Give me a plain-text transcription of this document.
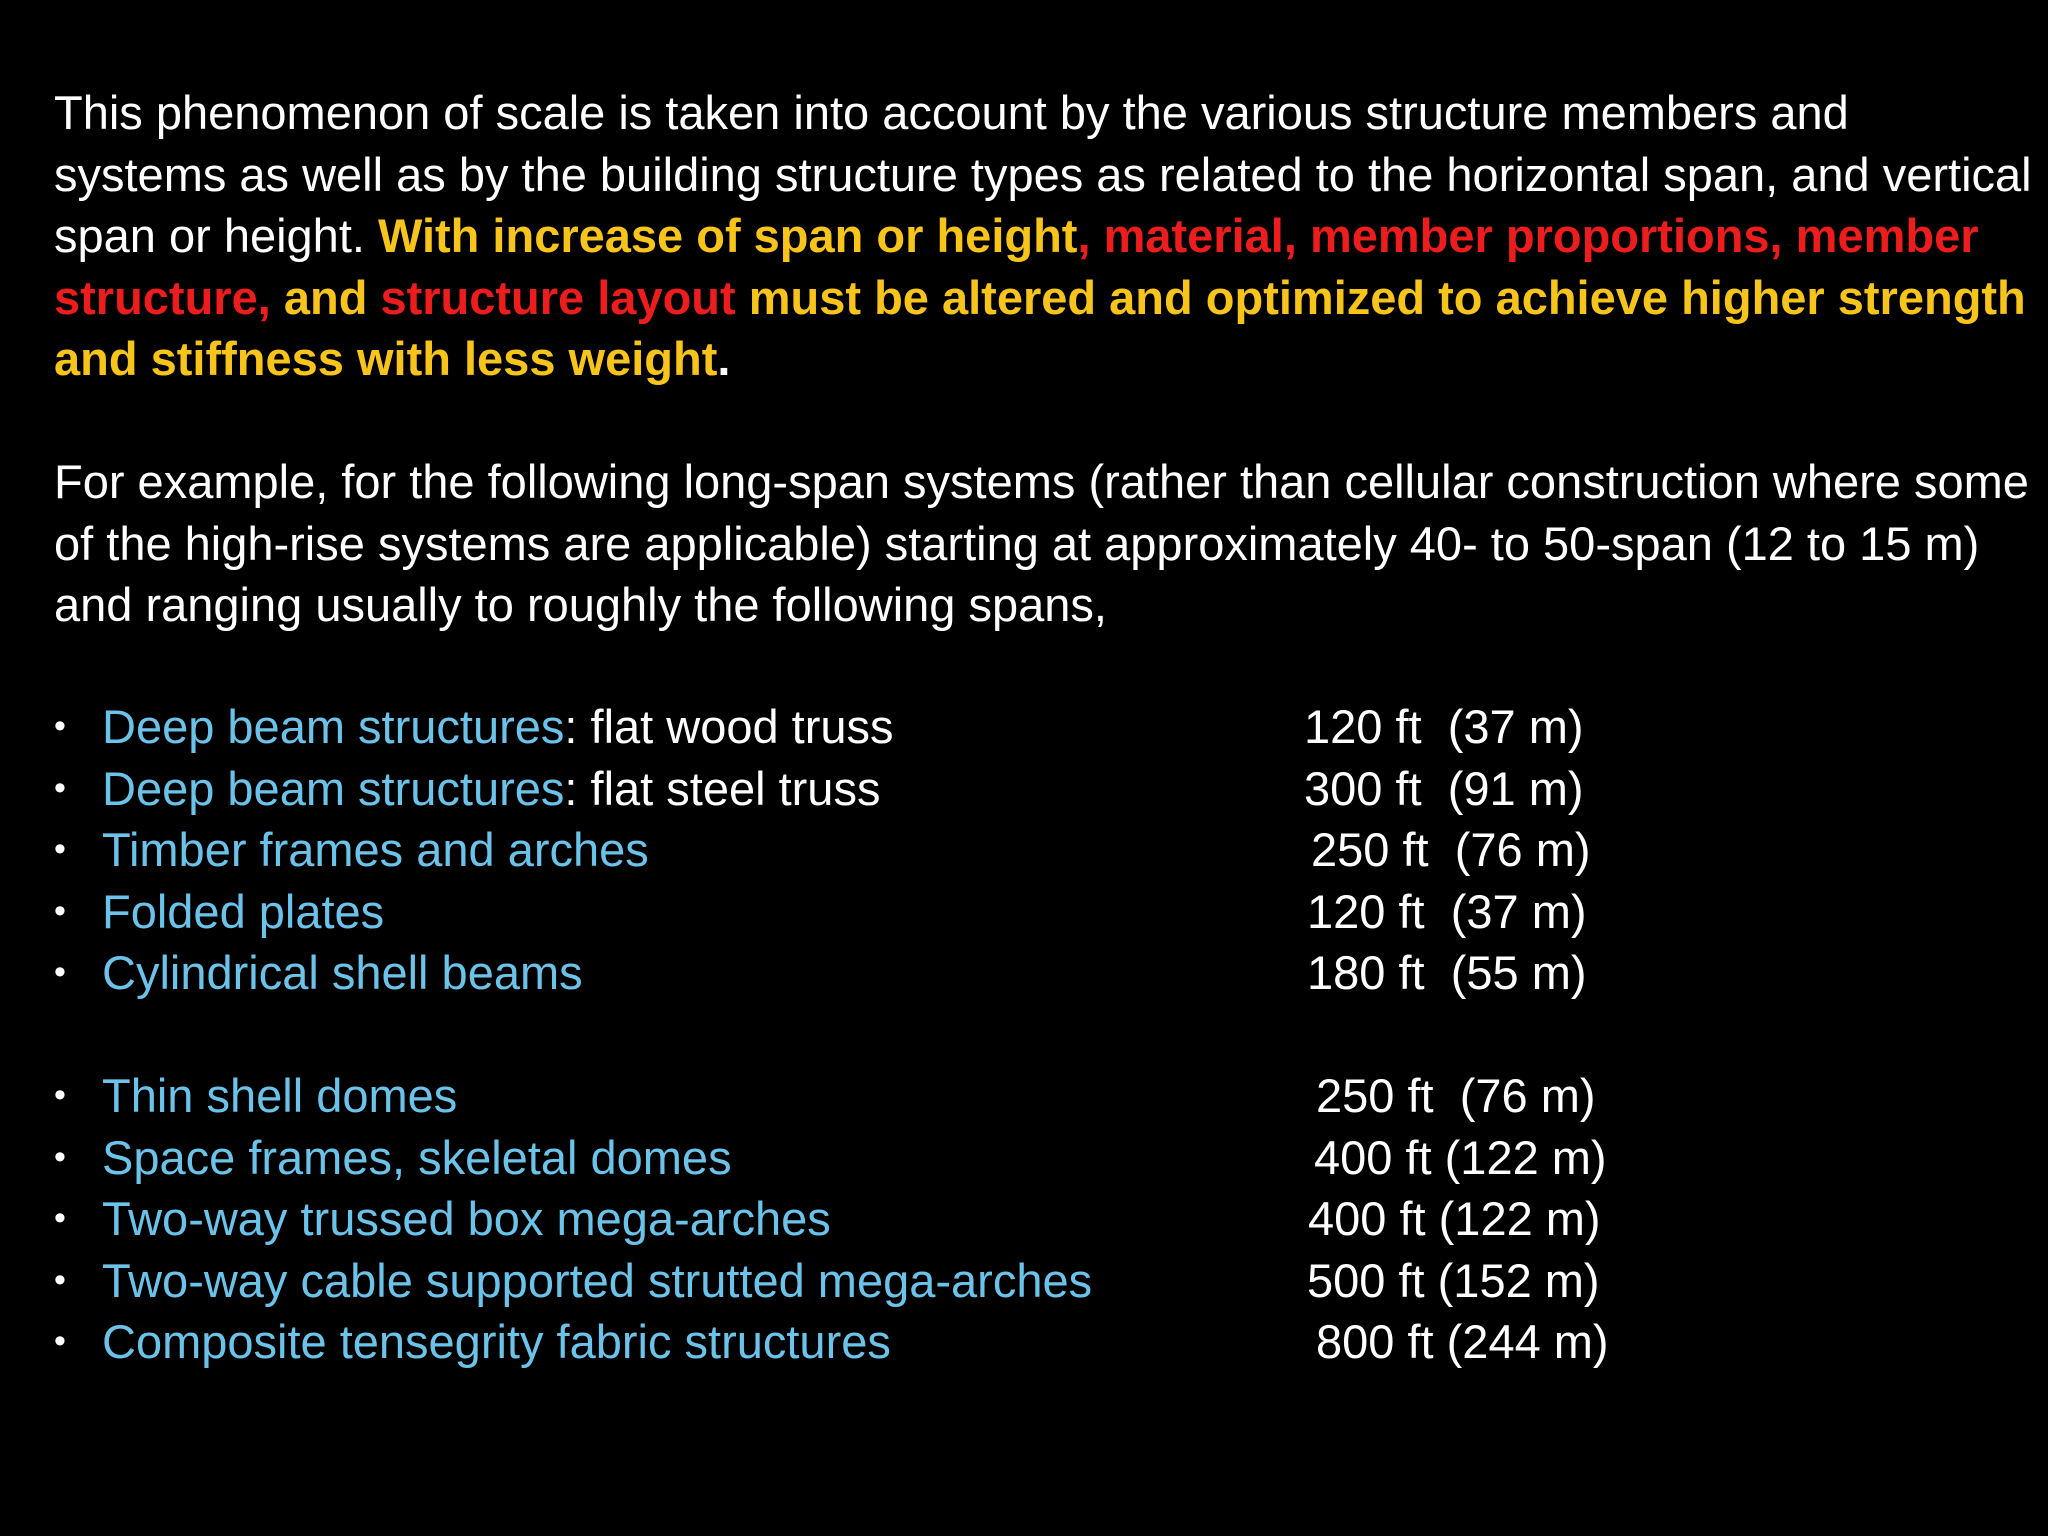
This phenomenon of scale is taken into account by the various structure members and systems as well as by the building structure types as related to the horizontal span, and vertical span or height. With increase of span or height, material, member proportions, member structure, and structure layout must be altered and optimized to achieve higher strength and stiffness with less weight.

For example, for the following long-span systems (rather than cellular construction where some of the high-rise systems are applicable) starting at approximately 40- to 50-span (12 to 15 m) and ranging usually to roughly the following spans,

• Deep beam structures: flat wood truss	120 ft  (37 m)
• Deep beam structures: flat steel truss	300 ft  (91 m)
• Timber frames and arches	250 ft  (76 m)
• Folded plates	120 ft  (37 m)
• Cylindrical shell beams	180 ft  (55 m)
• Thin shell domes	250 ft  (76 m)
• Space frames, skeletal domes	400 ft (122 m)
• Two-way trussed box mega-arches	400 ft (122 m)
• Two-way cable supported strutted mega-arches	500 ft (152 m)
• Composite tensegrity fabric structures	800 ft (244 m)
